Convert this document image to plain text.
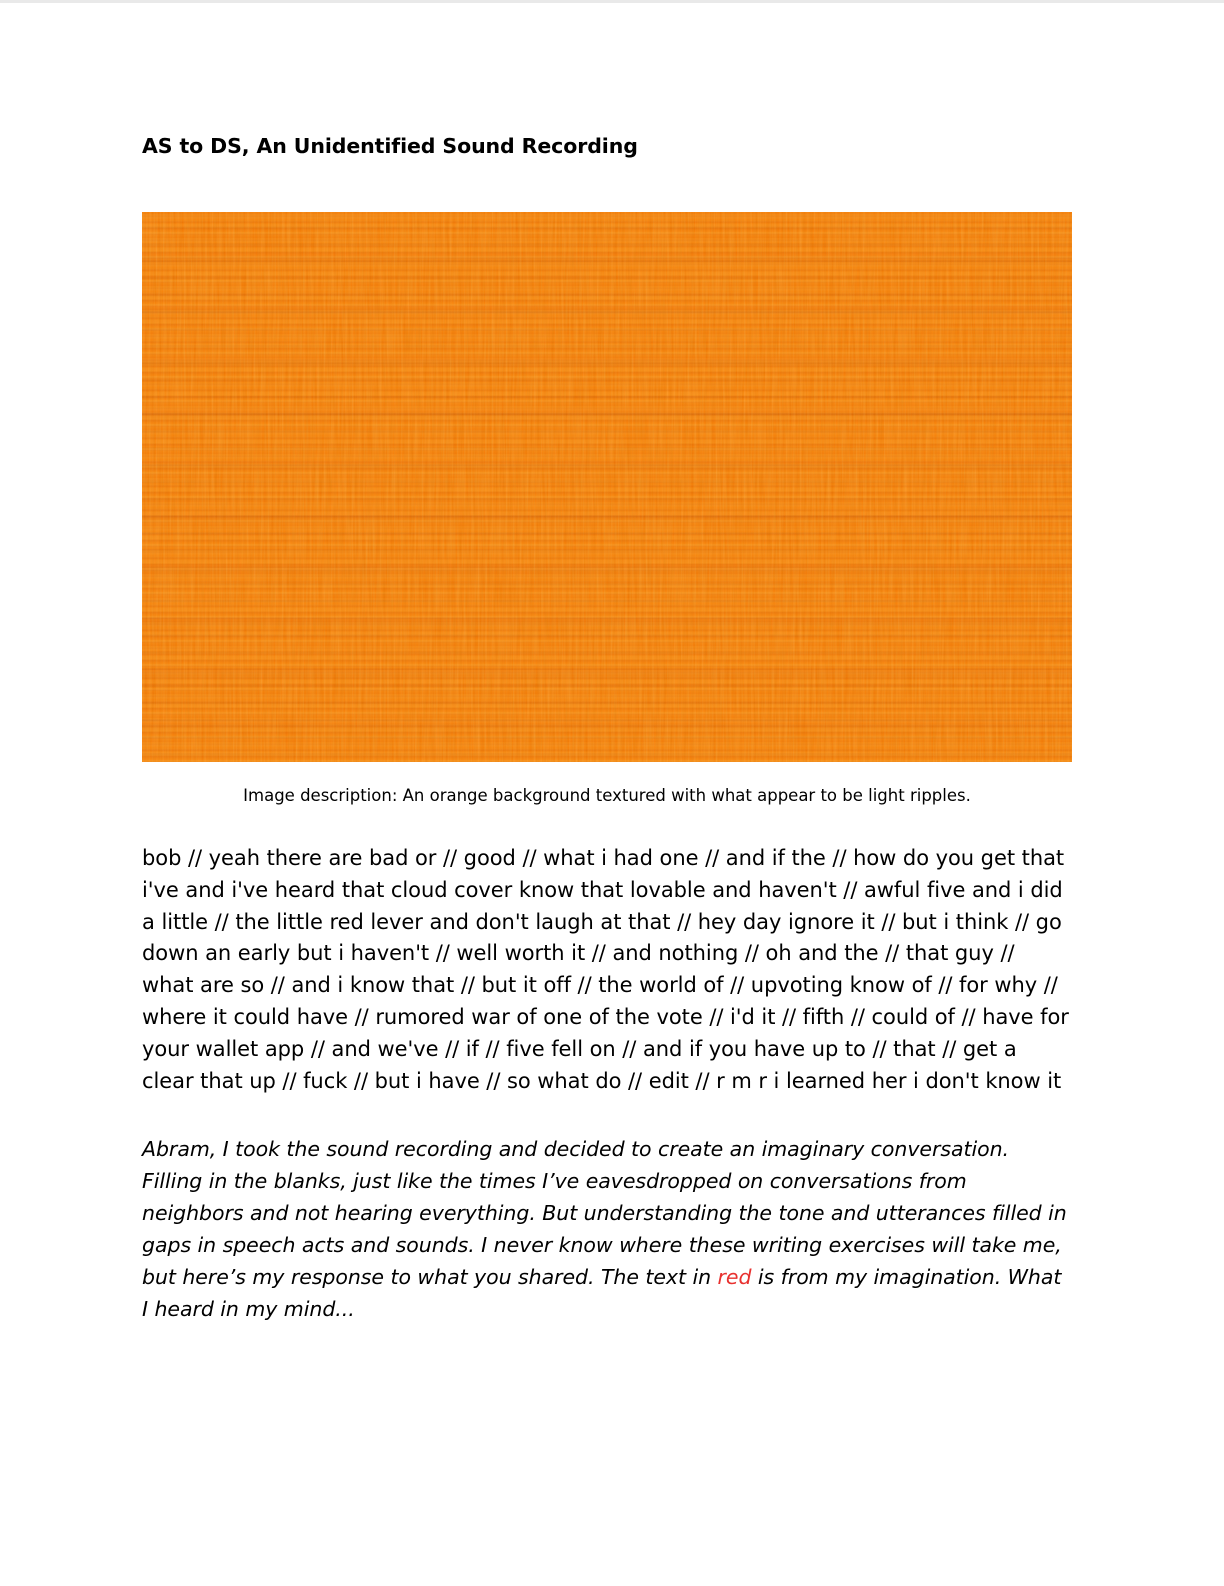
AS to DS, An Unidentified Sound Recording
Image description: An orange background textured with what appear to be light ripples.

bob // yeah there are bad or // good // what i had one // and if the // how do you get that i've and i've heard that cloud cover know that lovable and haven't // awful five and i did a little // the little red lever and don't laugh at that // hey day ignore it // but i think // go down an early but i haven't // well worth it // and nothing // oh and the // that guy // what are so // and i know that // but it off // the world of // upvoting know of // for why // where it could have // rumored war of one of the vote // i'd it // fifth // could of // have for your wallet app // and we've // if // five fell on // and if you have up to // that // get a clear that up // fuck // but i have // so what do // edit // r m r i learned her i don't know it

Abram, I took the sound recording and decided to create an imaginary conversation. Filling in the blanks, just like the times I’ve eavesdropped on conversations from neighbors and not hearing everything. But understanding the tone and utterances filled in gaps in speech acts and sounds. I never know where these writing exercises will take me, but here’s my response to what you shared. The text in red is from my imagination. What I heard in my mind...
